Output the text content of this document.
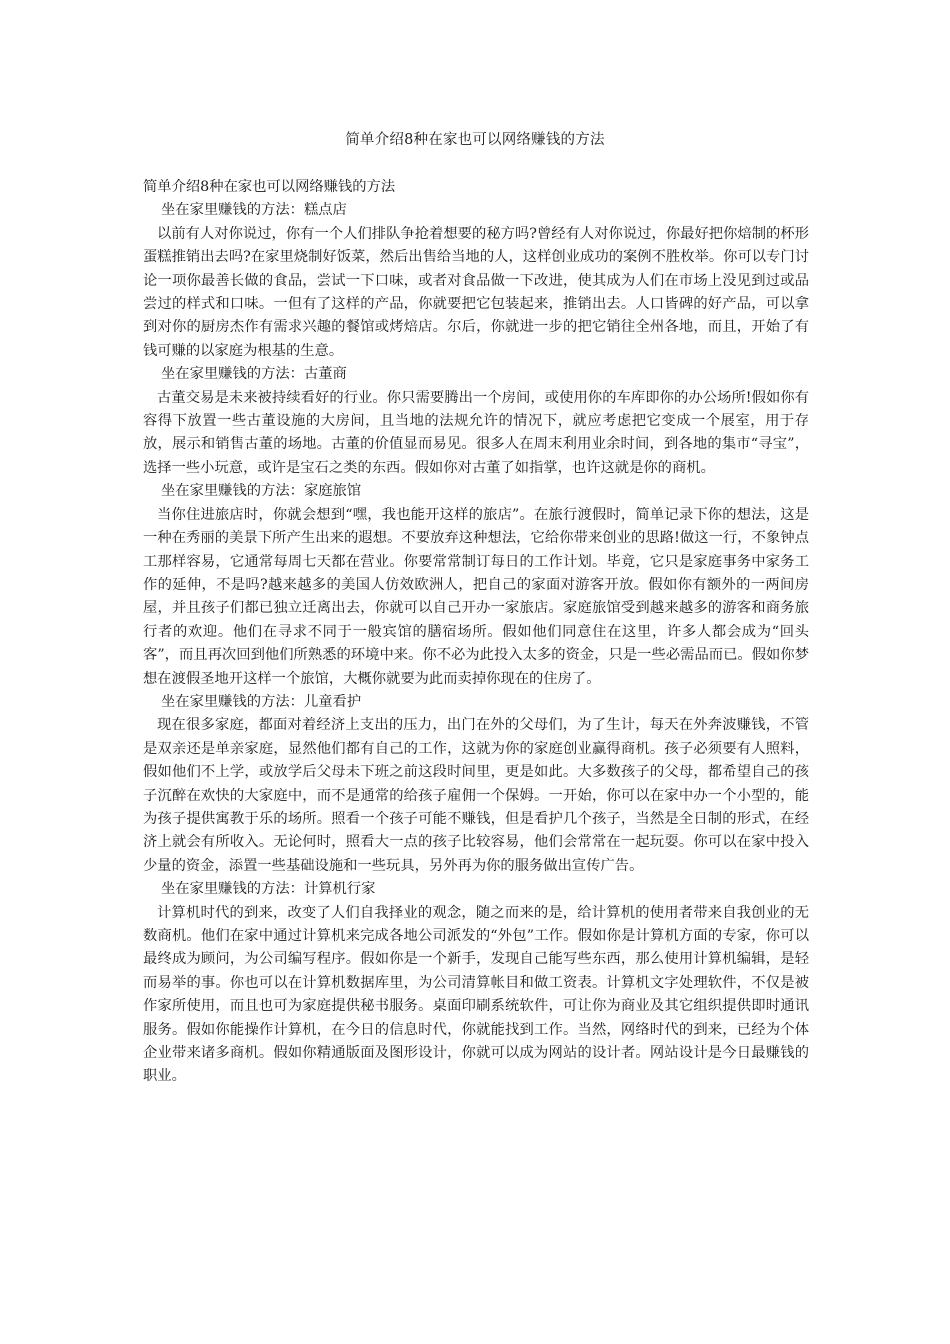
简单介绍8种在家也可以网络赚钱的方法

简单介绍8种在家也可以网络赚钱的方法

坐在家里赚钱的方法：糕点店

以前有人对你说过，你有一个人们排队争抢着想要的秘方吗?曾经有人对你说过，你最好把你焙制的杯形蛋糕推销出去吗?在家里烧制好饭菜，然后出售给当地的人，这样创业成功的案例不胜枚举。你可以专门讨论一项你最善长做的食品，尝试一下口味，或者对食品做一下改进，使其成为人们在市场上没见到过或品尝过的样式和口味。一但有了这样的产品，你就要把它包装起来，推销出去。人口皆碑的好产品，可以拿到对你的厨房杰作有需求兴趣的餐馆或烤焙店。尔后，你就进一步的把它销往全州各地，而且，开始了有钱可赚的以家庭为根基的生意。

坐在家里赚钱的方法：古董商

古董交易是未来被持续看好的行业。你只需要腾出一个房间，或使用你的车库即你的办公场所!假如你有容得下放置一些古董设施的大房间，且当地的法规允许的情况下，就应考虑把它变成一个展室，用于存放，展示和销售古董的场地。古董的价值显而易见。很多人在周末利用业余时间，到各地的集市“寻宝”，选择一些小玩意，或许是宝石之类的东西。假如你对古董了如指掌，也许这就是你的商机。

坐在家里赚钱的方法：家庭旅馆

当你住进旅店时，你就会想到“嘿，我也能开这样的旅店”。在旅行渡假时，简单记录下你的想法，这是一种在秀丽的美景下所产生出来的遐想。不要放弃这种想法，它给你带来创业的思路!做这一行，不象钟点工那样容易，它通常每周七天都在营业。你要常常制订每日的工作计划。毕竟，它只是家庭事务中家务工作的延伸，不是吗?越来越多的美国人仿效欧洲人，把自己的家面对游客开放。假如你有额外的一两间房屋，并且孩子们都已独立迁离出去，你就可以自己开办一家旅店。家庭旅馆受到越来越多的游客和商务旅行者的欢迎。他们在寻求不同于一般宾馆的膳宿场所。假如他们同意住在这里，许多人都会成为“回头客”，而且再次回到他们所熟悉的环境中来。你不必为此投入太多的资金，只是一些必需品而已。假如你梦想在渡假圣地开这样一个旅馆，大概你就要为此而卖掉你现在的住房了。

坐在家里赚钱的方法：儿童看护

现在很多家庭，都面对着经济上支出的压力，出门在外的父母们，为了生计，每天在外奔波赚钱，不管是双亲还是单亲家庭，显然他们都有自己的工作，这就为你的家庭创业赢得商机。孩子必须要有人照料，假如他们不上学，或放学后父母未下班之前这段时间里，更是如此。大多数孩子的父母，都希望自己的孩子沉醉在欢快的大家庭中，而不是通常的给孩子雇佣一个保姆。一开始，你可以在家中办一个小型的，能为孩子提供寓教于乐的场所。照看一个孩子可能不赚钱，但是看护几个孩子，当然是全日制的形式，在经济上就会有所收入。无论何时，照看大一点的孩子比较容易，他们会常常在一起玩耍。你可以在家中投入少量的资金，添置一些基础设施和一些玩具，另外再为你的服务做出宣传广告。

坐在家里赚钱的方法：计算机行家

计算机时代的到来，改变了人们自我择业的观念，随之而来的是，给计算机的使用者带来自我创业的无数商机。他们在家中通过计算机来完成各地公司派发的“外包”工作。假如你是计算机方面的专家，你可以最终成为顾问，为公司编写程序。假如你是一个新手，发现自己能写些东西，那么使用计算机编辑，是轻而易举的事。你也可以在计算机数据库里，为公司清算帐目和做工资表。计算机文字处理软件，不仅是被作家所使用，而且也可为家庭提供秘书服务。桌面印刷系统软件，可让你为商业及其它组织提供即时通讯服务。假如你能操作计算机，在今日的信息时代，你就能找到工作。当然，网络时代的到来，已经为个体企业带来诸多商机。假如你精通版面及图形设计，你就可以成为网站的设计者。网站设计是今日最赚钱的职业。
